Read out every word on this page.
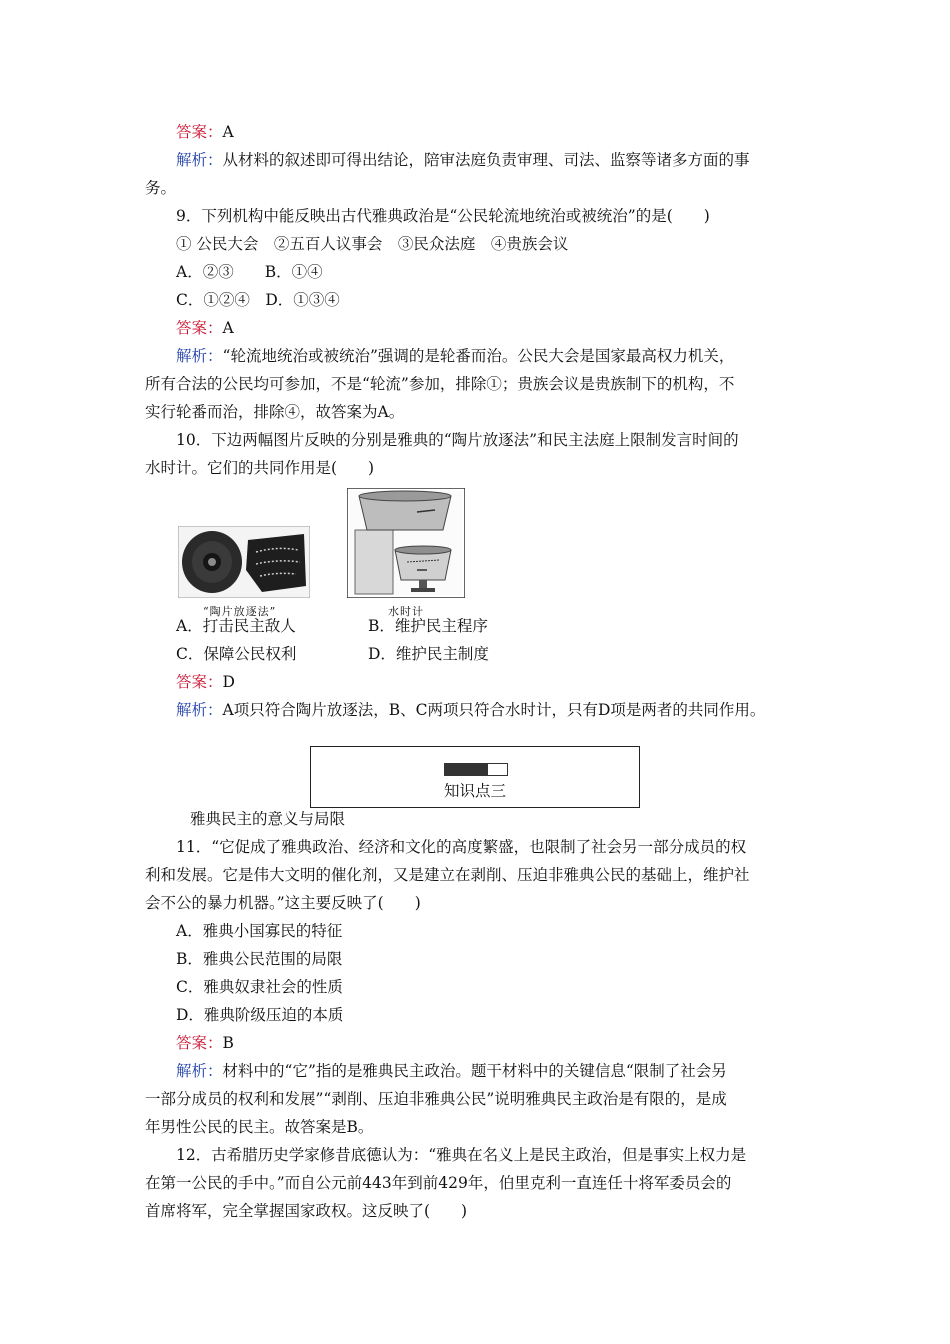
答案：A
解析：从材料的叙述即可得出结论，陪审法庭负责审理、司法、监察等诸多方面的事
务。
9．下列机构中能反映出古代雅典政治是“公民轮流地统治或被统治”的是(　　)
① 公民大会　②五百人议事会　③民众法庭　④贵族会议
A．②③　　B．①④
C．①②④　D．①③④
答案：A
解析：“轮流地统治或被统治”强调的是轮番而治。公民大会是国家最高权力机关，
所有合法的公民均可参加，不是“轮流”参加，排除①；贵族会议是贵族制下的机构，不
实行轮番而治，排除④，故答案为A。
10．下边两幅图片反映的分别是雅典的“陶片放逐法”和民主法庭上限制发言时间的
水时计。它们的共同作用是(　　)
“陶片放逐法”	水时计
A．打击民主敌人	B．维护民主程序
C．保障公民权利	D．维护民主制度
答案：D
解析：A项只符合陶片放逐法，B、C两项只符合水时计，只有D项是两者的共同作用。
知识点三
雅典民主的意义与局限
11．“它促成了雅典政治、经济和文化的高度繁盛，也限制了社会另一部分成员的权
利和发展。它是伟大文明的催化剂，又是建立在剥削、压迫非雅典公民的基础上，维护社
会不公的暴力机器。”这主要反映了(　　)
A．雅典小国寡民的特征
B．雅典公民范围的局限
C．雅典奴隶社会的性质
D．雅典阶级压迫的本质
答案：B
解析：材料中的“它”指的是雅典民主政治。题干材料中的关键信息“限制了社会另
一部分成员的权利和发展”“剥削、压迫非雅典公民”说明雅典民主政治是有限的，是成
年男性公民的民主。故答案是B。
12．古希腊历史学家修昔底德认为：“雅典在名义上是民主政治，但是事实上权力是
在第一公民的手中。”而自公元前443年到前429年，伯里克利一直连任十将军委员会的
首席将军，完全掌握国家政权。这反映了(　　)
